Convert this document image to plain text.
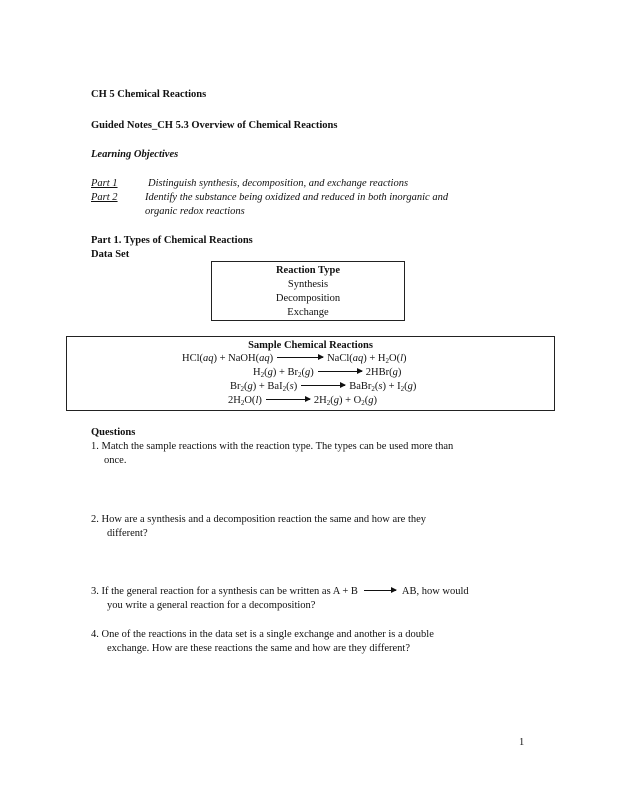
CH 5 Chemical Reactions
Guided Notes_CH 5.3 Overview of Chemical Reactions
Learning Objectives
Part 1	Distinguish synthesis, decomposition, and exchange reactions
Part 2	Identify the substance being oxidized and reduced in both inorganic and
organic redox reactions
Part 1. Types of Chemical Reactions
Data Set
Reaction Type
Synthesis
Decomposition
Exchange
Sample Chemical Reactions
HCl(aq) + NaOH(aq)	NaCl(aq) + $H_2O(l)$
$H_2(g) + Br_2(g)$	2HBr(g)
$Br_2(g) + BaI_2(s)$	BaBr$_2$(s) + $I_2(g)$
$2H_2O(l)$	$2H_2(g) + O_2(g)$
Questions
1. Match the sample reactions with the reaction type. The types can be used more than
once.
2. How are a synthesis and a decomposition reaction the same and how are they
different?
3. If the general reaction for a synthesis can be written as A + B	AB, how would
you write a general reaction for a decomposition?
4. One of the reactions in the data set is a single exchange and another is a double
exchange. How are these reactions the same and how are they different?
1
